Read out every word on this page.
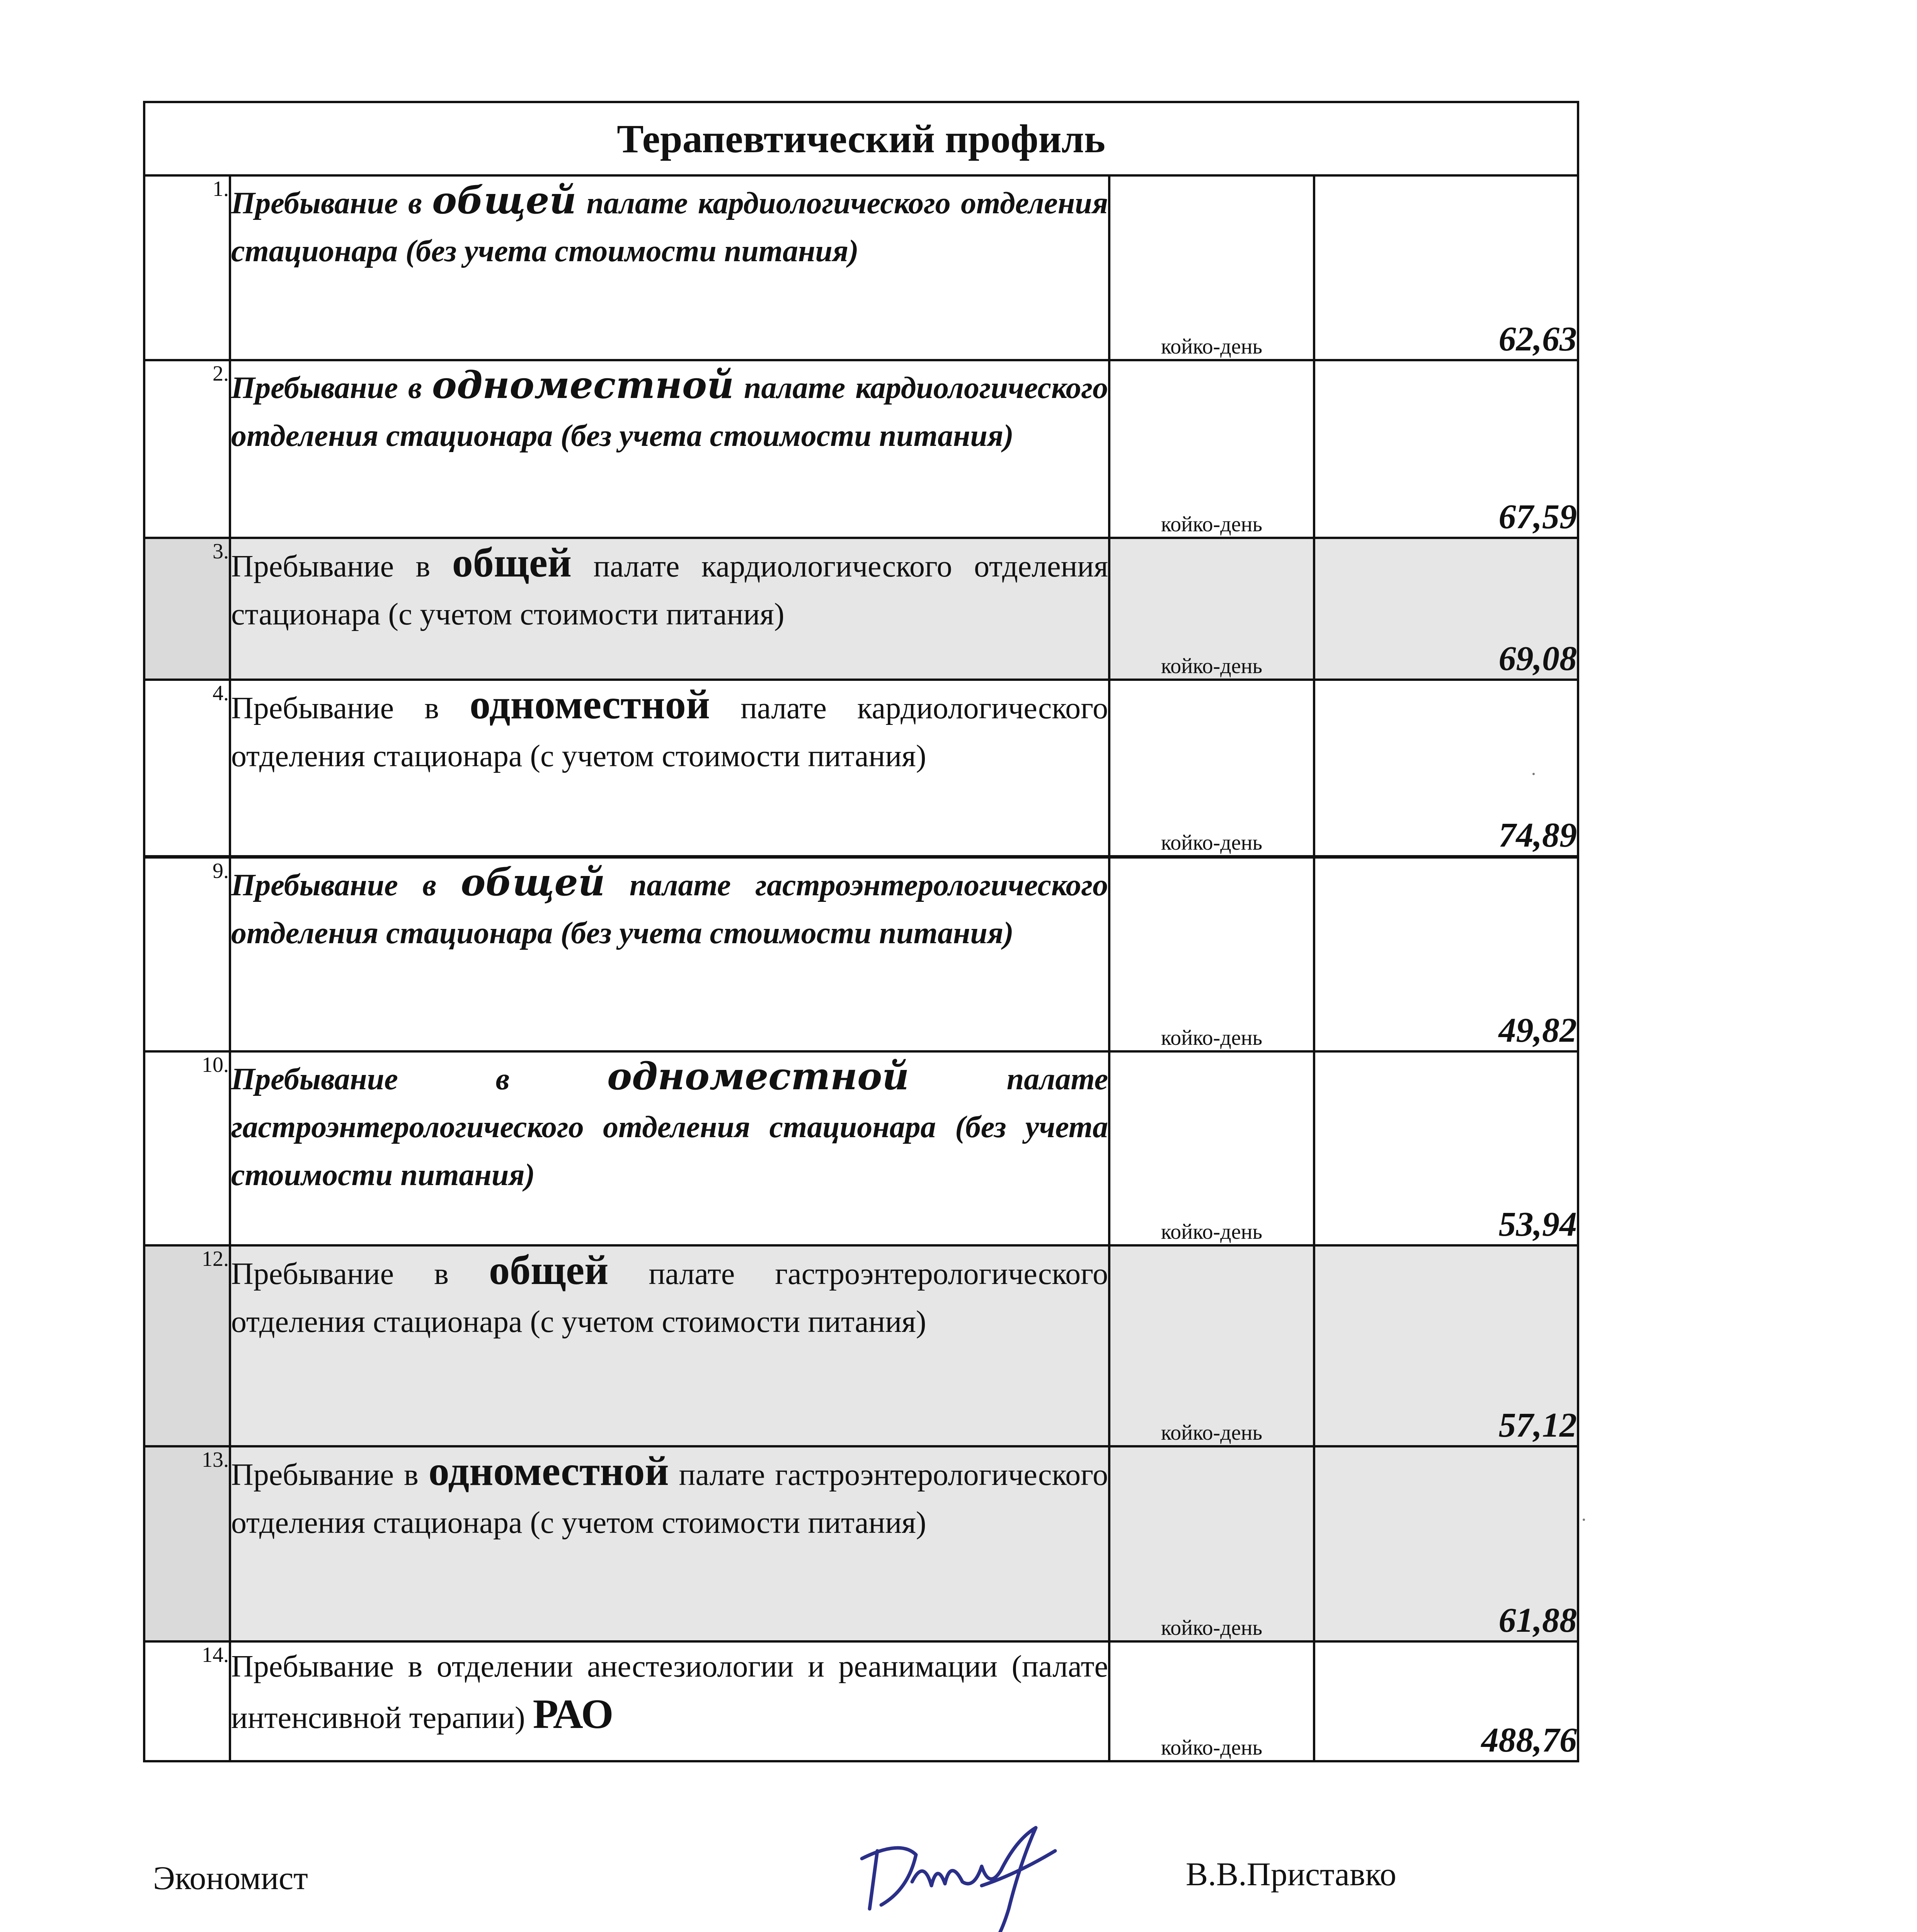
Терапевтический профиль			
1.	Пребывание в общей палате кардиологического отделения стационара (без учета стоимости питания)	койко-день	62,63
2.	Пребывание в одноместной палате кардиологического отделения стационара (без учета стоимости питания)	койко-день	67,59
3.	Пребывание в общей палате кардиологического отделения стационара (с учетом стоимости питания)	койко-день	69,08
4.	Пребывание в одноместной палате кардиологического отделения стационара (с учетом стоимости питания)	койко-день	74,89
9.	Пребывание в общей палате гастроэнтерологического отделения стационара (без учета стоимости питания)	койко-день	49,82
10.	Пребывание в одноместной палате гастроэнтерологического отделения стационара (без учета стоимости питания)	койко-день	53,94
12.	Пребывание в общей палате гастроэнтерологического отделения стационара (с учетом стоимости питания)	койко-день	57,12
13.	Пребывание в одноместной палате гастроэнтерологического отделения стационара (с учетом стоимости питания)	койко-день	61,88
14.	Пребывание в отделении анестезиологии и реанимации (палате интенсивной терапии) РАО	койко-день	488,76
Экономист	В.В.Приставко
